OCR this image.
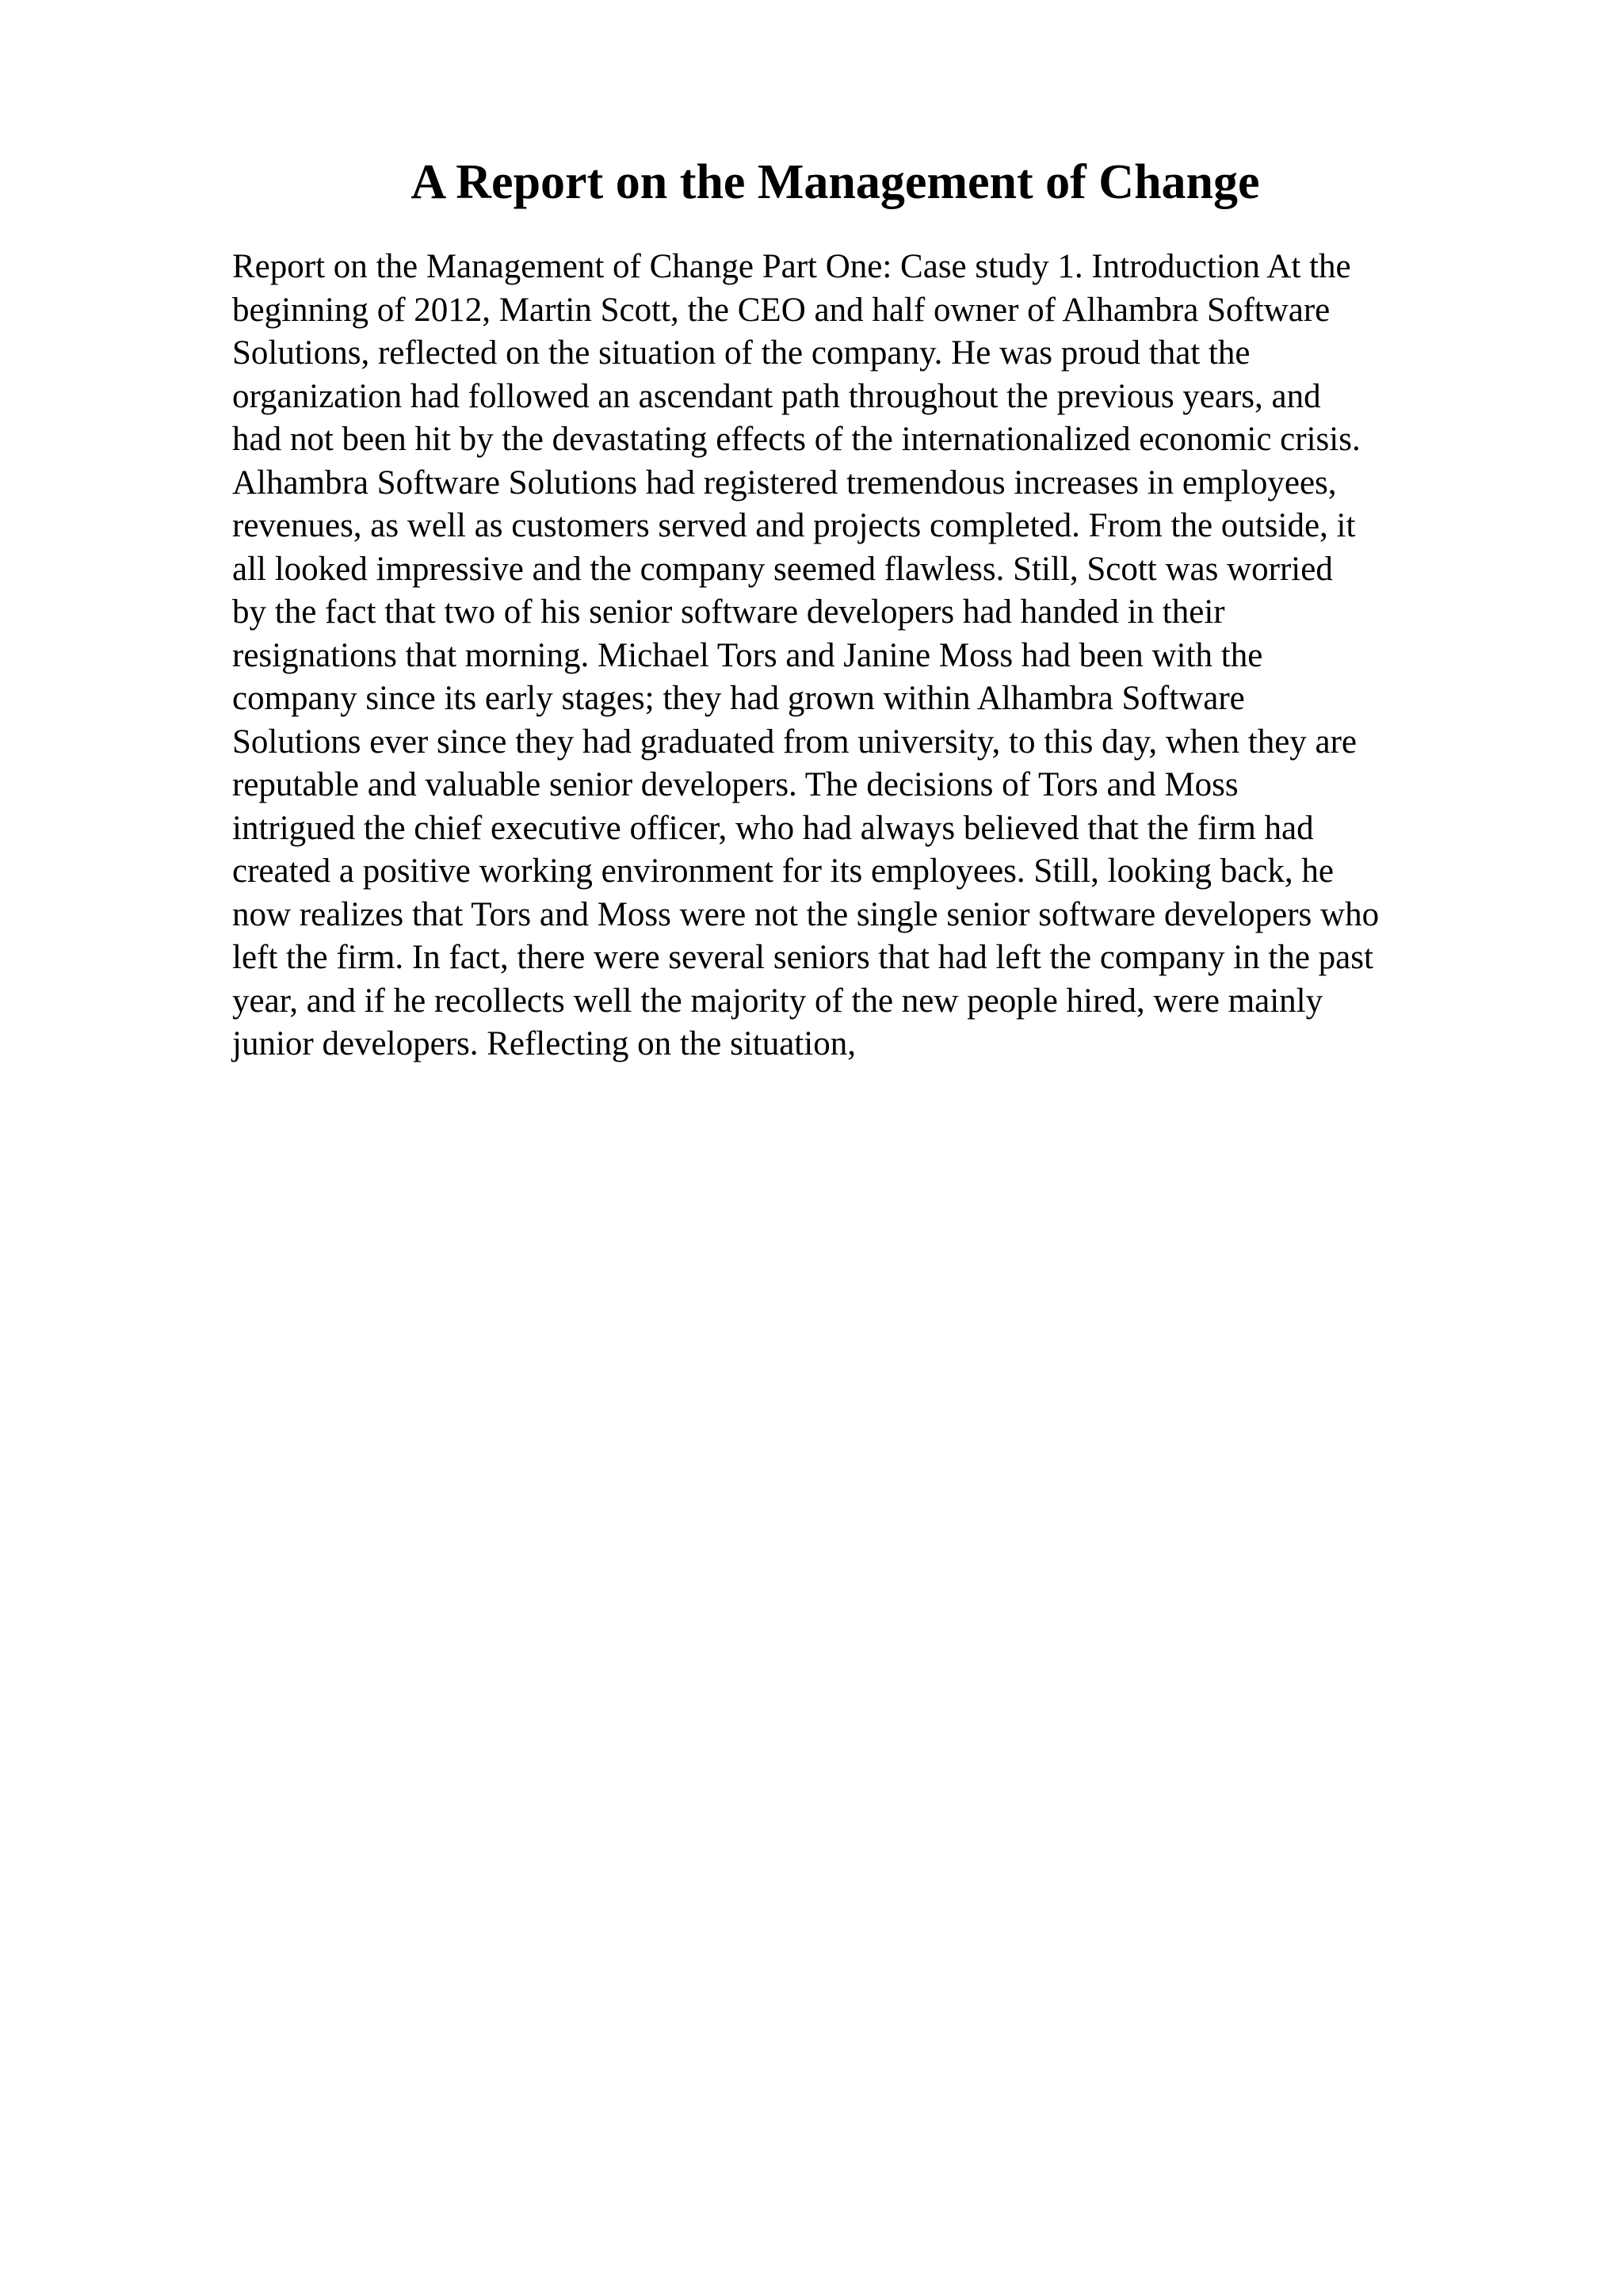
A Report on the Management of Change
Report on the Management of Change Part One: Case study 1. Introduction At the
beginning of 2012, Martin Scott, the CEO and half owner of Alhambra Software
Solutions, reflected on the situation of the company. He was proud that the
organization had followed an ascendant path throughout the previous years, and
had not been hit by the devastating effects of the internationalized economic crisis.
Alhambra Software Solutions had registered tremendous increases in employees,
revenues, as well as customers served and projects completed. From the outside, it
all looked impressive and the company seemed flawless. Still, Scott was worried
by the fact that two of his senior software developers had handed in their
resignations that morning. Michael Tors and Janine Moss had been with the
company since its early stages; they had grown within Alhambra Software
Solutions ever since they had graduated from university, to this day, when they are
reputable and valuable senior developers. The decisions of Tors and Moss
intrigued the chief executive officer, who had always believed that the firm had
created a positive working environment for its employees. Still, looking back, he
now realizes that Tors and Moss were not the single senior software developers who
left the firm. In fact, there were several seniors that had left the company in the past
year, and if he recollects well the majority of the new people hired, were mainly
junior developers. Reflecting on the situation,
